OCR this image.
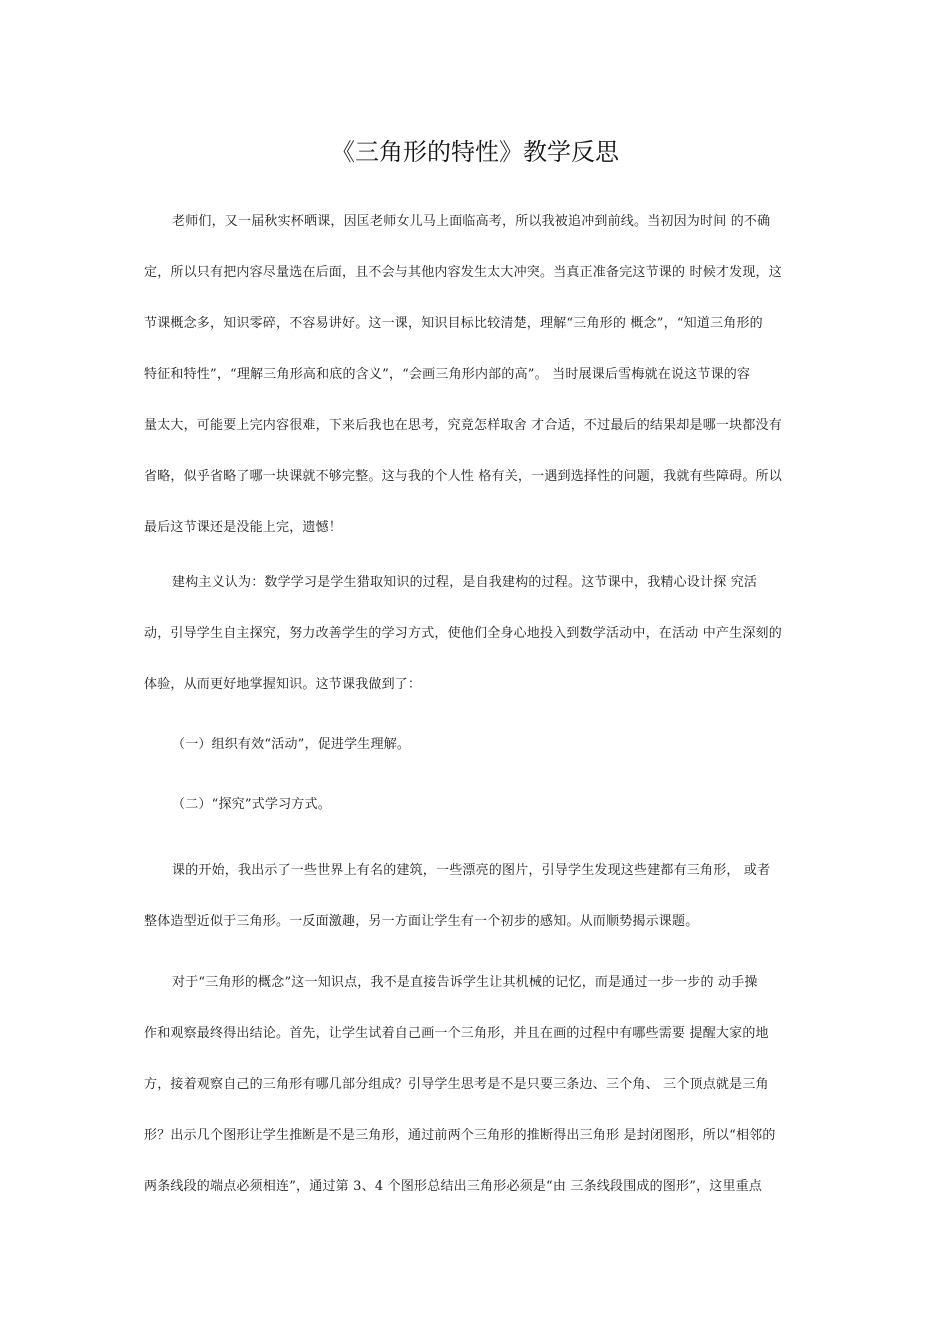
《三角形的特性》教学反思
老师们，又一届秋实杯晒课，因匡老师女儿马上面临高考，所以我被追冲到前线。当初因为时间 的不确
定，所以只有把内容尽量选在后面，且不会与其他内容发生太大冲突。当真正准备完这节课的 时候才发现，这
节课概念多，知识零碎，不容易讲好。这一课，知识目标比较清楚，理解“三角形的 概念”，“知道三角形的
特征和特性”，“理解三角形高和底的含义”，“会画三角形内部的高”。 当时展课后雪梅就在说这节课的容
量太大，可能要上完内容很难，下来后我也在思考，究竟怎样取舍 才合适，不过最后的结果却是哪一块都没有
省略，似乎省略了哪一块课就不够完整。这与我的个人性 格有关，一遇到选择性的问题，我就有些障碍。所以
最后这节课还是没能上完，遗憾！
建构主义认为：数学学习是学生猎取知识的过程，是自我建构的过程。这节课中，我精心设计探 究活
动，引导学生自主探究，努力改善学生的学习方式，使他们全身心地投入到数学活动中，在活动 中产生深刻的
体验，从而更好地掌握知识。这节课我做到了：
（一）组织有效“活动”，促进学生理解。
（二）“探究”式学习方式。
课的开始，我出示了一些世界上有名的建筑，一些漂亮的图片，引导学生发现这些建都有三角形， 或者
整体造型近似于三角形。一反面激趣，另一方面让学生有一个初步的感知。从而顺势揭示课题。
对于“三角形的概念”这一知识点，我不是直接告诉学生让其机械的记忆，而是通过一步一步的 动手操
作和观察最终得出结论。首先，让学生试着自己画一个三角形，并且在画的过程中有哪些需要 提醒大家的地
方，接着观察自己的三角形有哪几部分组成？引导学生思考是不是只要三条边、三个角、 三个顶点就是三角
形？出示几个图形让学生推断是不是三角形，通过前两个三角形的推断得出三角形 是封闭图形，所以“相邻的
两条线段的端点必须相连”，通过第 3、4 个图形总结出三角形必须是“由 三条线段围成的图形”，这里重点
